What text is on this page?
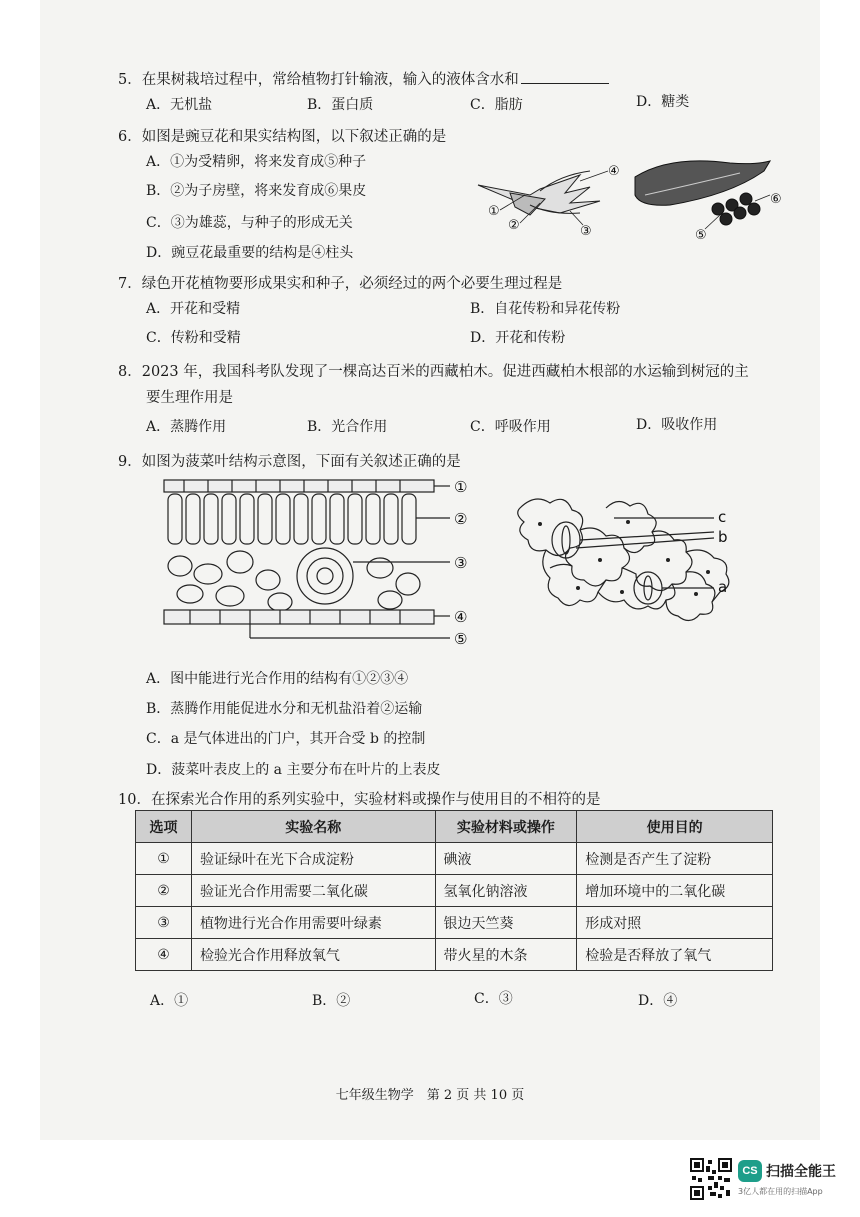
5．在果树栽培过程中，常给植物打针输液，输入的液体含水和
A．无机盐	B．蛋白质	C．脂肪	D．糖类
6．如图是豌豆花和果实结构图，以下叙述正确的是
A．①为受精卵，将来发育成⑤种子
B．②为子房壁，将来发育成⑥果皮
C．③为雄蕊，与种子的形成无关
D．豌豆花最重要的结构是④柱头
①
②	③
④
⑤
⑥
7．绿色开花植物要形成果实和种子，必须经过的两个必要生理过程是
A．开花和受精	B．自花传粉和异花传粉
C．传粉和受精	D．开花和传粉
8．2023 年，我国科考队发现了一棵高达百米的西藏柏木。促进西藏柏木根部的水运输到树冠的主
要生理作用是
A．蒸腾作用	B．光合作用	C．呼吸作用	D．吸收作用
9．如图为菠菜叶结构示意图，下面有关叙述正确的是
①
②
③
④
⑤
c
b
a
A．图中能进行光合作用的结构有①②③④
B．蒸腾作用能促进水分和无机盐沿着②运输
C．a 是气体进出的门户，其开合受 b 的控制
D．菠菜叶表皮上的 a 主要分布在叶片的上表皮
10．在探索光合作用的系列实验中，实验材料或操作与使用目的不相符的是
选项	实验名称	实验材料或操作	使用目的
①	验证绿叶在光下合成淀粉	碘液	检测是否产生了淀粉
②	验证光合作用需要二氧化碳	氢氧化钠溶液	增加环境中的二氧化碳
③	植物进行光合作用需要叶绿素	银边天竺葵	形成对照
④	检验光合作用释放氧气	带火星的木条	检验是否释放了氧气
A．①	B．②	C．③	D．④
七年级生物学　第 2 页 共 10 页
CS 扫描全能王
3亿人都在用的扫描App
